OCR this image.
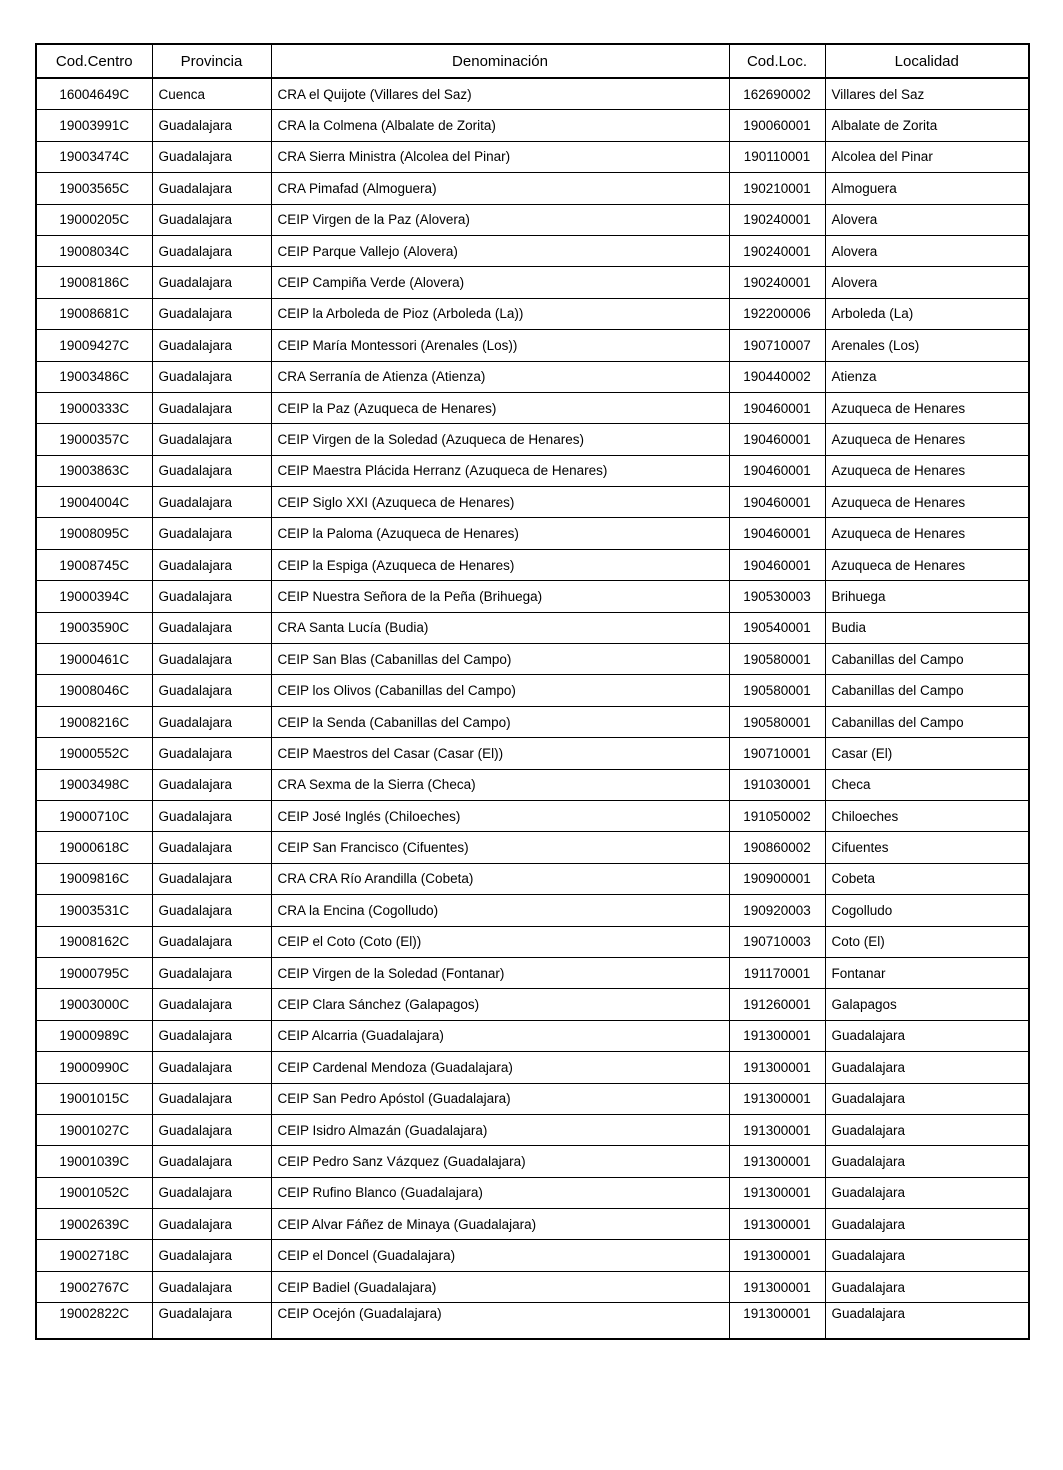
Cod.Centro	Provincia	Denominación	Cod.Loc.	Localidad
16004649C	Cuenca	CRA el Quijote (Villares del Saz)	162690002	Villares del Saz
19003991C	Guadalajara	CRA la Colmena (Albalate de Zorita)	190060001	Albalate de Zorita
19003474C	Guadalajara	CRA Sierra Ministra (Alcolea del Pinar)	190110001	Alcolea del Pinar
19003565C	Guadalajara	CRA Pimafad (Almoguera)	190210001	Almoguera
19000205C	Guadalajara	CEIP Virgen de la Paz (Alovera)	190240001	Alovera
19008034C	Guadalajara	CEIP Parque Vallejo (Alovera)	190240001	Alovera
19008186C	Guadalajara	CEIP Campiña Verde (Alovera)	190240001	Alovera
19008681C	Guadalajara	CEIP la Arboleda de Pioz (Arboleda (La))	192200006	Arboleda (La)
19009427C	Guadalajara	CEIP María Montessori (Arenales (Los))	190710007	Arenales (Los)
19003486C	Guadalajara	CRA Serranía de Atienza (Atienza)	190440002	Atienza
19000333C	Guadalajara	CEIP la Paz (Azuqueca de Henares)	190460001	Azuqueca de Henares
19000357C	Guadalajara	CEIP Virgen de la Soledad (Azuqueca de Henares)	190460001	Azuqueca de Henares
19003863C	Guadalajara	CEIP Maestra Plácida Herranz (Azuqueca de Henares)	190460001	Azuqueca de Henares
19004004C	Guadalajara	CEIP Siglo XXI (Azuqueca de Henares)	190460001	Azuqueca de Henares
19008095C	Guadalajara	CEIP la Paloma (Azuqueca de Henares)	190460001	Azuqueca de Henares
19008745C	Guadalajara	CEIP la Espiga (Azuqueca de Henares)	190460001	Azuqueca de Henares
19000394C	Guadalajara	CEIP Nuestra Señora de la Peña (Brihuega)	190530003	Brihuega
19003590C	Guadalajara	CRA Santa Lucía (Budia)	190540001	Budia
19000461C	Guadalajara	CEIP San Blas (Cabanillas del Campo)	190580001	Cabanillas del Campo
19008046C	Guadalajara	CEIP los Olivos (Cabanillas del Campo)	190580001	Cabanillas del Campo
19008216C	Guadalajara	CEIP la Senda (Cabanillas del Campo)	190580001	Cabanillas del Campo
19000552C	Guadalajara	CEIP Maestros del Casar (Casar (El))	190710001	Casar (El)
19003498C	Guadalajara	CRA Sexma de la Sierra (Checa)	191030001	Checa
19000710C	Guadalajara	CEIP José Inglés (Chiloeches)	191050002	Chiloeches
19000618C	Guadalajara	CEIP San Francisco (Cifuentes)	190860002	Cifuentes
19009816C	Guadalajara	CRA CRA Río Arandilla (Cobeta)	190900001	Cobeta
19003531C	Guadalajara	CRA la Encina (Cogolludo)	190920003	Cogolludo
19008162C	Guadalajara	CEIP el Coto (Coto (El))	190710003	Coto (El)
19000795C	Guadalajara	CEIP Virgen de la Soledad (Fontanar)	191170001	Fontanar
19003000C	Guadalajara	CEIP Clara Sánchez (Galapagos)	191260001	Galapagos
19000989C	Guadalajara	CEIP Alcarria (Guadalajara)	191300001	Guadalajara
19000990C	Guadalajara	CEIP Cardenal Mendoza (Guadalajara)	191300001	Guadalajara
19001015C	Guadalajara	CEIP San Pedro Apóstol (Guadalajara)	191300001	Guadalajara
19001027C	Guadalajara	CEIP Isidro Almazán (Guadalajara)	191300001	Guadalajara
19001039C	Guadalajara	CEIP Pedro Sanz Vázquez (Guadalajara)	191300001	Guadalajara
19001052C	Guadalajara	CEIP Rufino Blanco (Guadalajara)	191300001	Guadalajara
19002639C	Guadalajara	CEIP Alvar Fáñez de Minaya (Guadalajara)	191300001	Guadalajara
19002718C	Guadalajara	CEIP el Doncel (Guadalajara)	191300001	Guadalajara
19002767C	Guadalajara	CEIP Badiel (Guadalajara)	191300001	Guadalajara
19002822C	Guadalajara	CEIP Ocejón (Guadalajara)	191300001	Guadalajara
